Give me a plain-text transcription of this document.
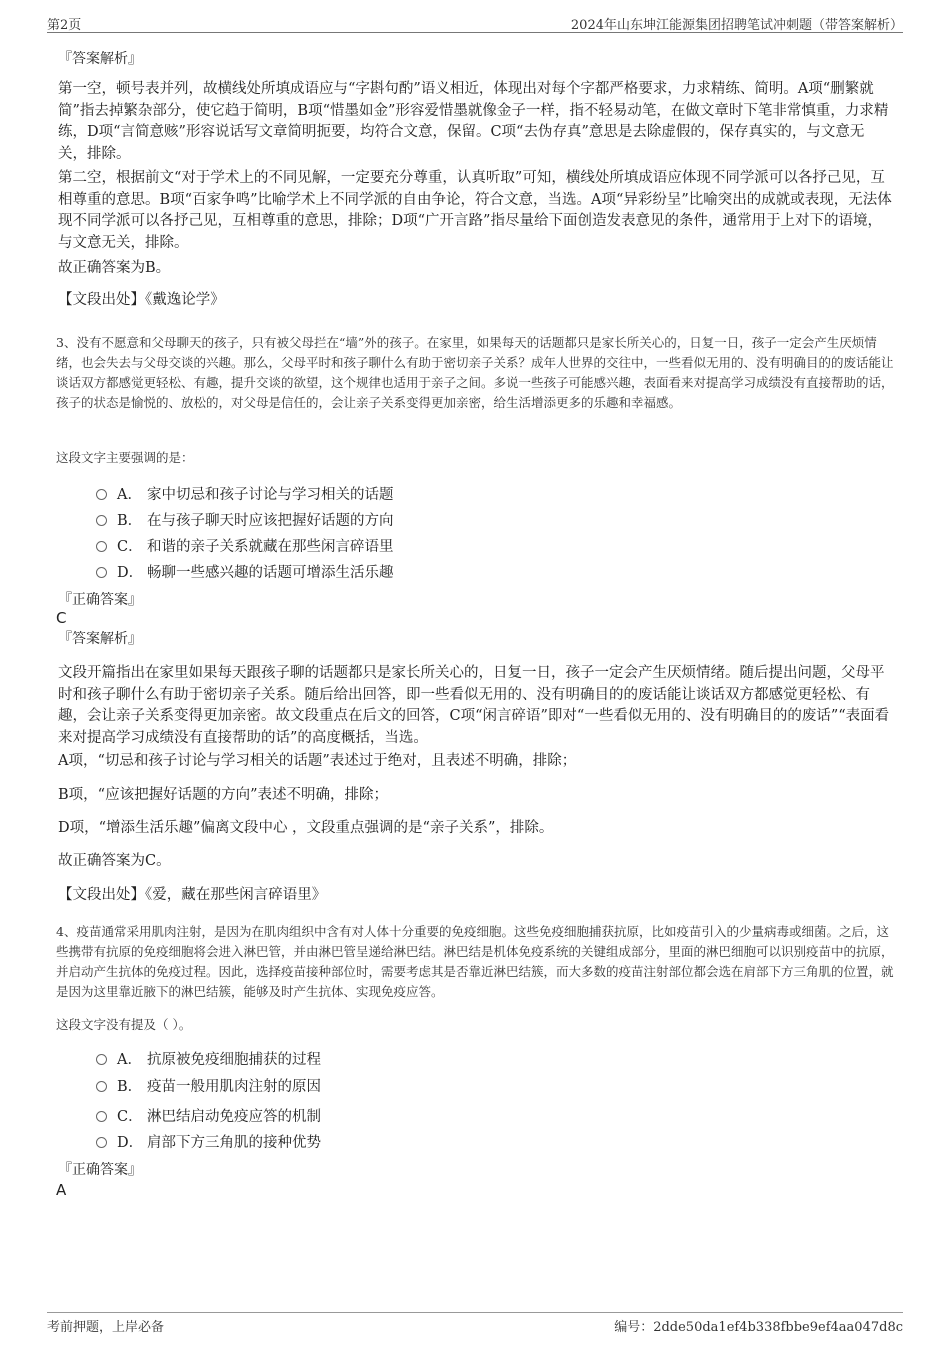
第2页	2024年山东坤江能源集团招聘笔试冲刺题（带答案解析）
『答案解析』

第一空，顿号表并列，故横线处所填成语应与“字斟句酌”语义相近，体现出对每个字都严格要求，力求精练、简明。A项“删繁就简”指去掉繁杂部分，使它趋于简明，B项“惜墨如金”形容爱惜墨就像金子一样，指不轻易动笔，在做文章时下笔非常慎重，力求精练，D项“言简意赅”形容说话写文章简明扼要，均符合文意，保留。C项“去伪存真”意思是去除虚假的，保存真实的，与文意无关，排除。

第二空，根据前文“对于学术上的不同见解，一定要充分尊重，认真听取”可知，横线处所填成语应体现不同学派可以各抒己见，互相尊重的意思。B项“百家争鸣”比喻学术上不同学派的自由争论，符合文意，当选。A项“异彩纷呈”比喻突出的成就或表现，无法体现不同学派可以各抒己见，互相尊重的意思，排除；D项“广开言路”指尽量给下面创造发表意见的条件，通常用于上对下的语境，与文意无关，排除。

故正确答案为B。

【文段出处】《戴逸论学》

3、没有不愿意和父母聊天的孩子，只有被父母拦在“墙”外的孩子。在家里，如果每天的话题都只是家长所关心的，日复一日，孩子一定会产生厌烦情绪，也会失去与父母交谈的兴趣。那么，父母平时和孩子聊什么有助于密切亲子关系？成年人世界的交往中，一些看似无用的、没有明确目的的废话能让谈话双方都感觉更轻松、有趣，提升交谈的欲望，这个规律也适用于亲子之间。多说一些孩子可能感兴趣，表面看来对提高学习成绩没有直接帮助的话，孩子的状态是愉悦的、放松的，对父母是信任的，会让亲子关系变得更加亲密，给生活增添更多的乐趣和幸福感。

这段文字主要强调的是：

A． 家中切忌和孩子讨论与学习相关的话题
B． 在与孩子聊天时应该把握好话题的方向
C． 和谐的亲子关系就藏在那些闲言碎语里
D． 畅聊一些感兴趣的话题可增添生活乐趣
『正确答案』
C
『答案解析』

文段开篇指出在家里如果每天跟孩子聊的话题都只是家长所关心的，日复一日，孩子一定会产生厌烦情绪。随后提出问题，父母平时和孩子聊什么有助于密切亲子关系。随后给出回答，即一些看似无用的、没有明确目的的废话能让谈话双方都感觉更轻松、有趣，会让亲子关系变得更加亲密。故文段重点在后文的回答，C项“闲言碎语”即对“一些看似无用的、没有明确目的的废话”“表面看来对提高学习成绩没有直接帮助的话”的高度概括，当选。

A项，“切忌和孩子讨论与学习相关的话题”表述过于绝对，且表述不明确，排除；

B项，“应该把握好话题的方向”表述不明确，排除；

D项，“增添生活乐趣”偏离文段中心 ，文段重点强调的是“亲子关系”，排除。

故正确答案为C。

【文段出处】《爱，藏在那些闲言碎语里》

4、疫苗通常采用肌肉注射，是因为在肌肉组织中含有对人体十分重要的免疫细胞。这些免疫细胞捕获抗原，比如疫苗引入的少量病毒或细菌。之后，这些携带有抗原的免疫细胞将会进入淋巴管，并由淋巴管呈递给淋巴结。淋巴结是机体免疫系统的关键组成部分，里面的淋巴细胞可以识别疫苗中的抗原，并启动产生抗体的免疫过程。因此，选择疫苗接种部位时，需要考虑其是否靠近淋巴结簇，而大多数的疫苗注射部位都会选在肩部下方三角肌的位置，就是因为这里靠近腋下的淋巴结簇，能够及时产生抗体、实现免疫应答。

这段文字没有提及（ ）。

A． 抗原被免疫细胞捕获的过程
B． 疫苗一般用肌肉注射的原因
C． 淋巴结启动免疫应答的机制
D． 肩部下方三角肌的接种优势
『正确答案』
A
考前押题，上岸必备	编号：2dde50da1ef4b338fbbe9ef4aa047d8c
